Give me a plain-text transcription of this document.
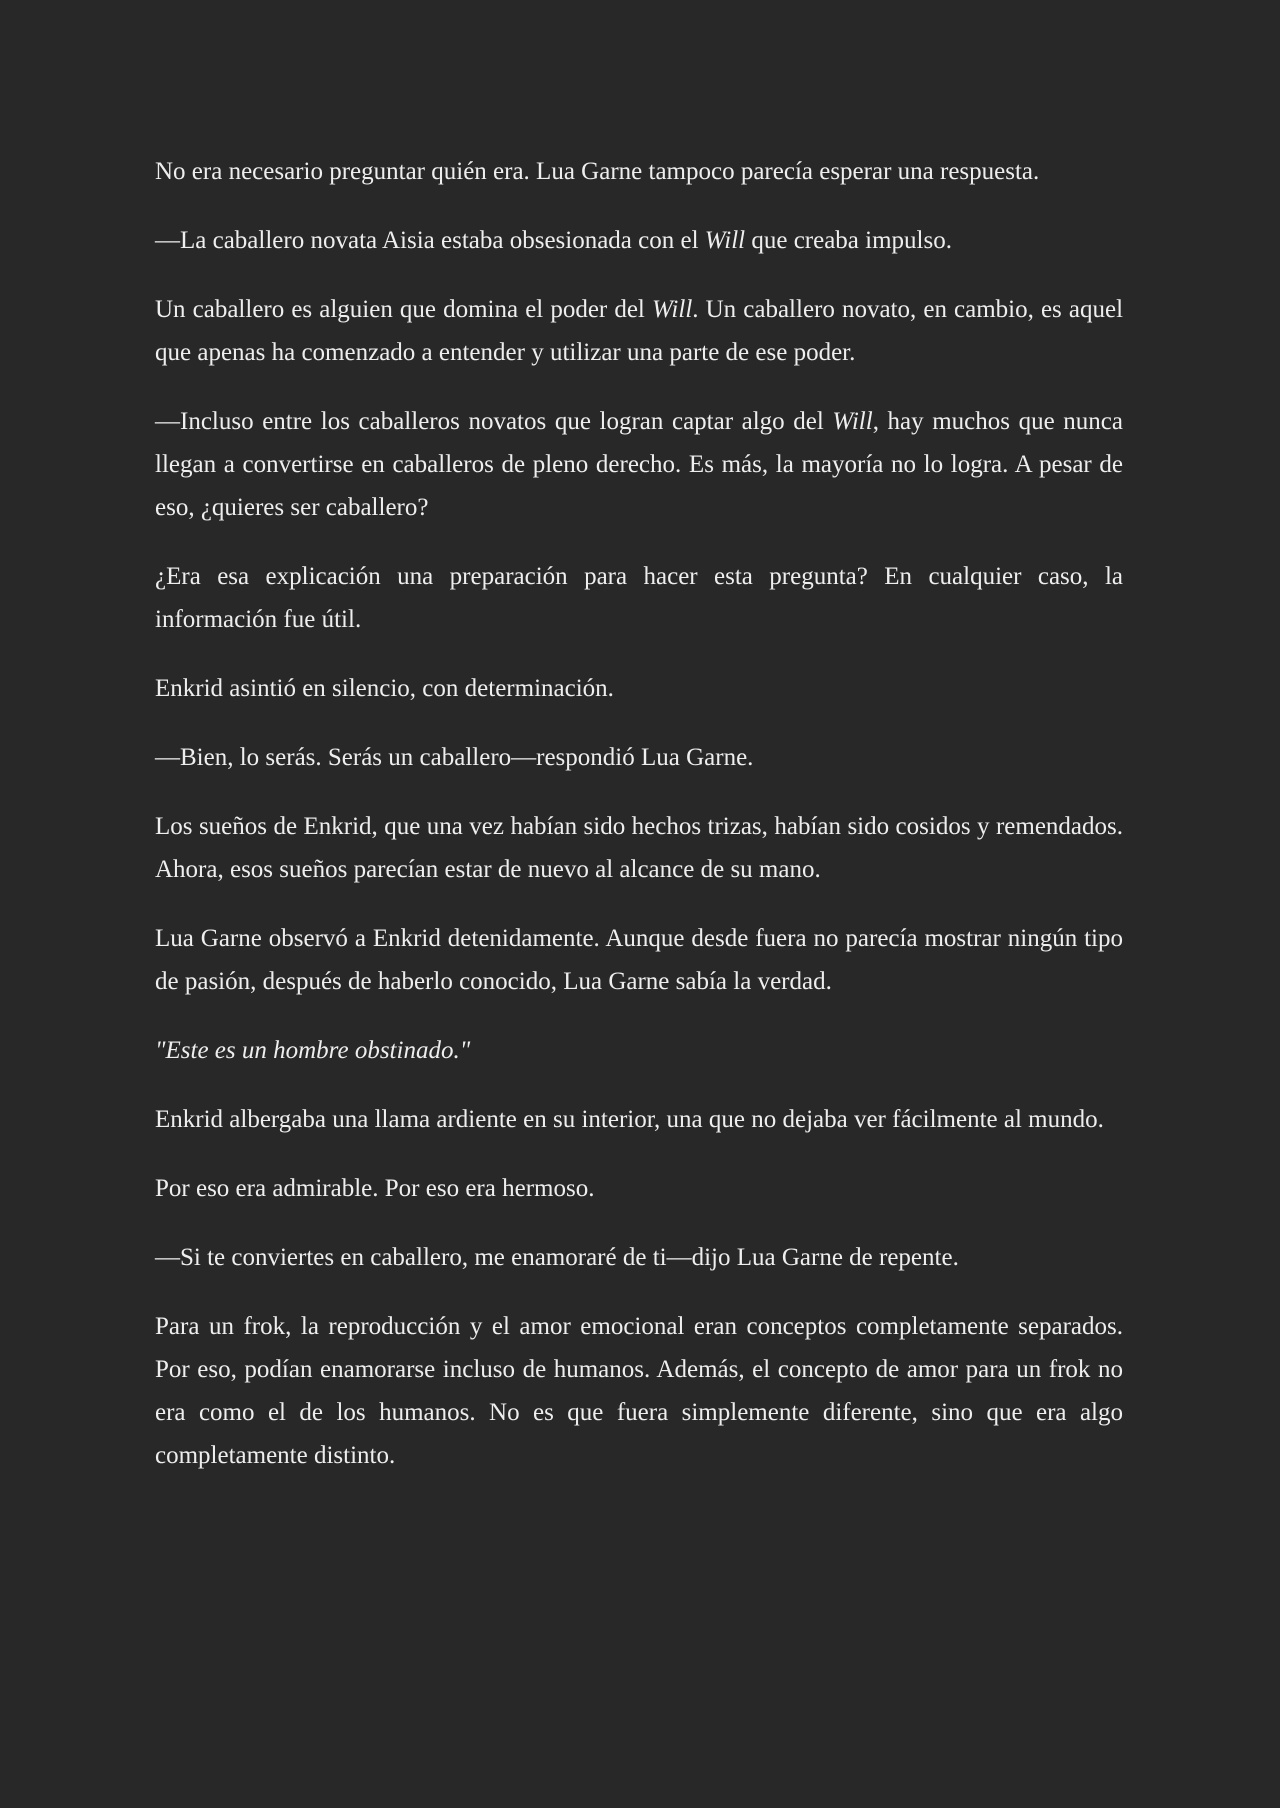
No era necesario preguntar quién era. Lua Garne tampoco parecía esperar una respuesta.

—La caballero novata Aisia estaba obsesionada con el Will que creaba impulso.

Un caballero es alguien que domina el poder del Will. Un caballero novato, en cambio, es aquel que apenas ha comenzado a entender y utilizar una parte de ese poder.

—Incluso entre los caballeros novatos que logran captar algo del Will, hay muchos que nunca llegan a convertirse en caballeros de pleno derecho. Es más, la mayoría no lo logra. A pesar de eso, ¿quieres ser caballero?

¿Era esa explicación una preparación para hacer esta pregunta? En cualquier caso, la información fue útil.

Enkrid asintió en silencio, con determinación.

—Bien, lo serás. Serás un caballero—respondió Lua Garne.

Los sueños de Enkrid, que una vez habían sido hechos trizas, habían sido cosidos y remendados. Ahora, esos sueños parecían estar de nuevo al alcance de su mano.

Lua Garne observó a Enkrid detenidamente. Aunque desde fuera no parecía mostrar ningún tipo de pasión, después de haberlo conocido, Lua Garne sabía la verdad.

"Este es un hombre obstinado."

Enkrid albergaba una llama ardiente en su interior, una que no dejaba ver fácilmente al mundo.

Por eso era admirable. Por eso era hermoso.

—Si te conviertes en caballero, me enamoraré de ti—dijo Lua Garne de repente.

Para un frok, la reproducción y el amor emocional eran conceptos completamente separados. Por eso, podían enamorarse incluso de humanos. Además, el concepto de amor para un frok no era como el de los humanos. No es que fuera simplemente diferente, sino que era algo completamente distinto.
